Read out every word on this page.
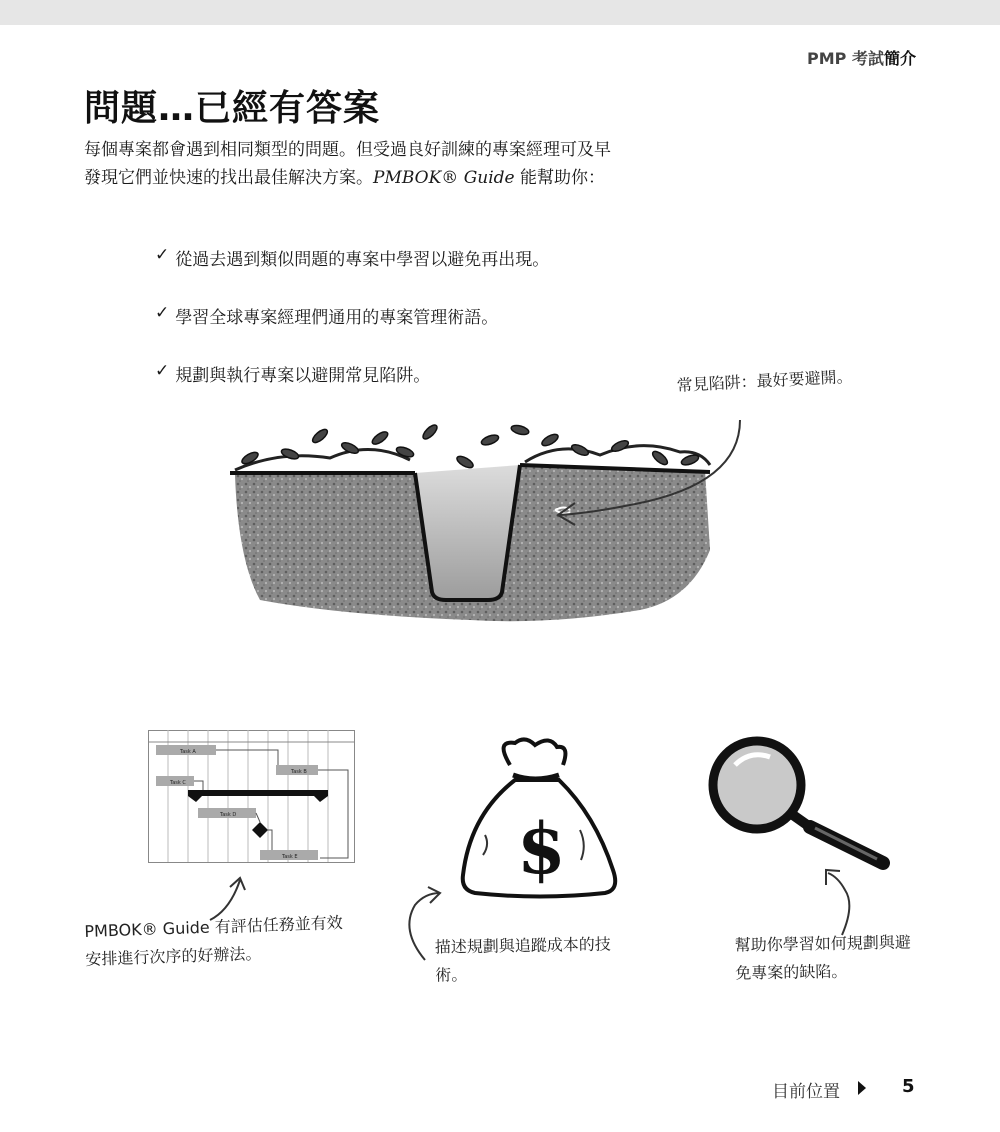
PMP 考試簡介
問題…已經有答案

每個專案都會遇到相同類型的問題。但受過良好訓練的專案經理可及早發現它們並快速的找出最佳解決方案。PMBOK® Guide 能幫助你：

✓ 從過去遇到類似問題的專案中學習以避免再出現。
✓ 學習全球專案經理們通用的專案管理術語。
✓ 規劃與執行專案以避開常見陷阱。	常見陷阱：最好要避開。
Task A
Task B
Task C
Task D
Task E	$
PMBOK® Guide 有評估任務並有效安排進行次序的好辦法。	描述規劃與追蹤成本的技術。
幫助你學習如何規劃與避免專案的缺陷。
目前位置	5
